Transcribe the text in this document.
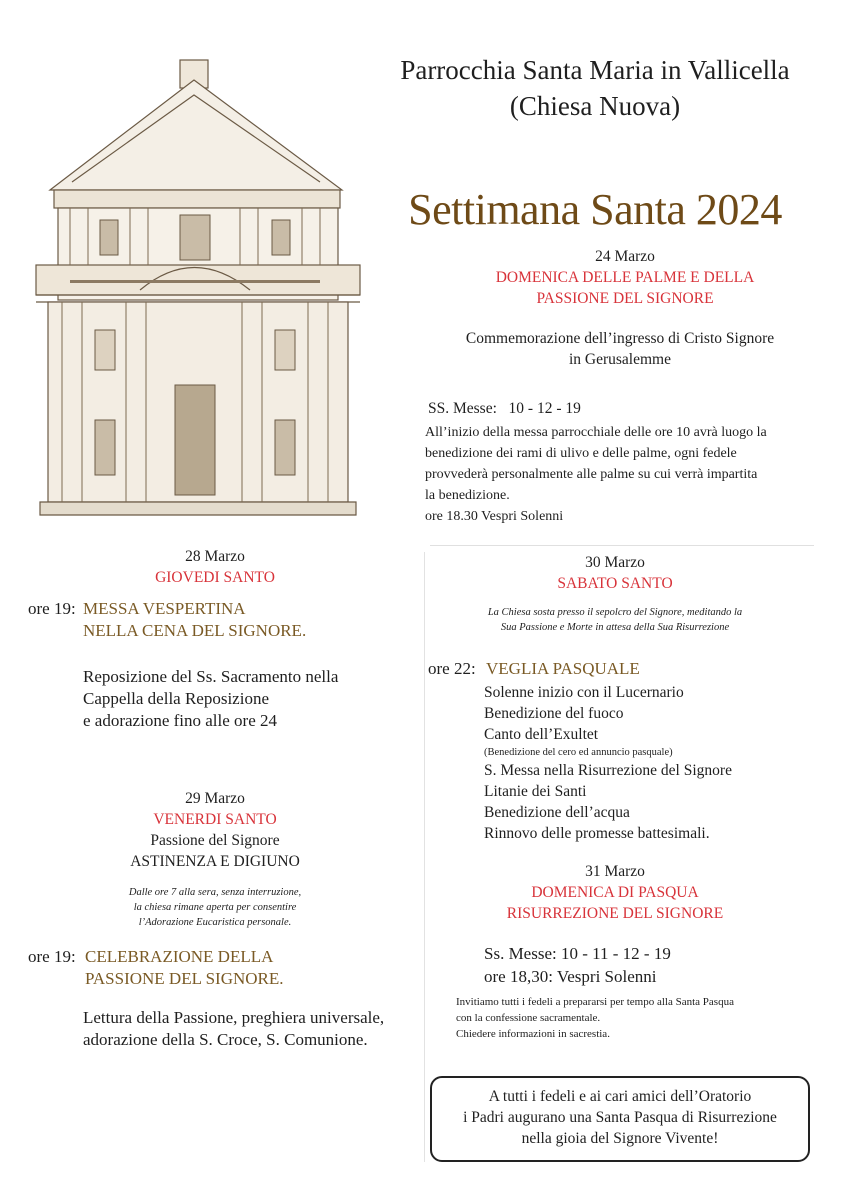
Parrocchia Santa Maria in Vallicella
(Chiesa Nuova)
Settimana Santa 2024
24 Marzo
DOMENICA DELLE PALME E DELLA
PASSIONE DEL SIGNORE
Commemorazione dell’ingresso di Cristo Signore
in Gerusalemme
SS. Messe:   10 - 12 - 19
All’inizio della messa parrocchiale delle ore 10 avrà luogo la
benedizione dei rami di ulivo e delle palme, ogni fedele
provvederà personalmente alle palme su cui verrà impartita
la benedizione.
ore 18.30 Vespri Solenni
28 Marzo
GIOVEDI SANTO
ore 19: MESSA VESPERTINA
NELLA CENA DEL SIGNORE.
Reposizione del Ss. Sacramento nella
Cappella della Reposizione
e adorazione fino alle ore 24
29 Marzo
VENERDI SANTO
Passione del Signore
ASTINENZA E DIGIUNO
Dalle ore 7 alla sera, senza interruzione,
la chiesa rimane aperta per consentire
l’Adorazione Eucaristica personale.
ore 19: CELEBRAZIONE DELLA
PASSIONE DEL SIGNORE.
Lettura della Passione, preghiera universale,
adorazione della S. Croce, S. Comunione.
30 Marzo
SABATO SANTO
La Chiesa sosta presso il sepolcro del Signore, meditando la
Sua Passione e Morte in attesa della Sua Risurrezione
ore 22: VEGLIA PASQUALE
Solenne inizio con il Lucernario
Benedizione del fuoco
Canto dell’Exultet
(Benedizione del cero ed annuncio pasquale)
S. Messa nella Risurrezione del Signore
Litanie dei Santi
Benedizione dell’acqua
Rinnovo delle promesse battesimali.
31 Marzo
DOMENICA DI PASQUA
RISURREZIONE DEL SIGNORE
Ss. Messe: 10 - 11 - 12 - 19
ore 18,30: Vespri Solenni
Invitiamo tutti i fedeli a prepararsi per tempo alla Santa Pasqua
con la confessione sacramentale.
Chiedere informazioni in sacrestia.
A tutti i fedeli e ai cari amici dell’Oratorio
i Padri augurano una Santa Pasqua di Risurrezione
nella gioia del Signore Vivente!
